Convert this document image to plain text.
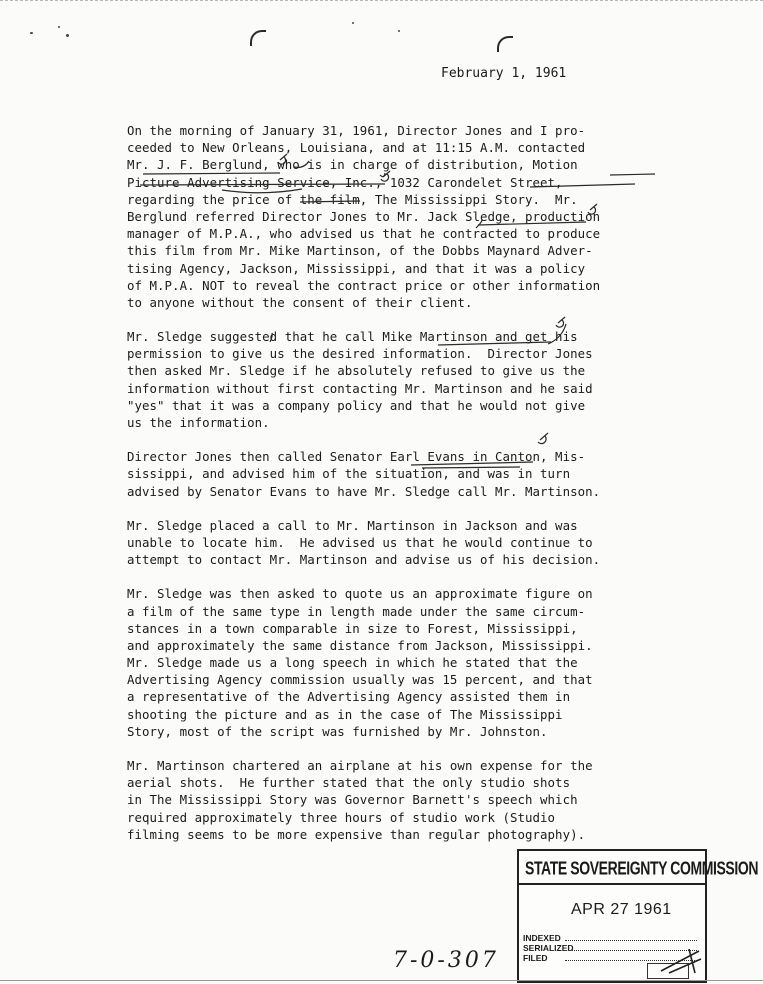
February 1, 1961
On the morning of January 31, 1961, Director Jones and I pro-
ceeded to New Orleans, Louisiana, and at 11:15 A.M. contacted
Mr. J. F. Berglund, who is in charge of distribution, Motion
Picture Advertising Service, Inc., 1032 Carondelet Street,
regarding the price of the film, The Mississippi Story.  Mr.
Berglund referred Director Jones to Mr. Jack Sledge, production
manager of M.P.A., who advised us that he contracted to produce
this film from Mr. Mike Martinson, of the Dobbs Maynard Adver-
tising Agency, Jackson, Mississippi, and that it was a policy
of M.P.A. NOT to reveal the contract price or other information
to anyone without the consent of their client.
Mr. Sledge suggested that he call Mike Martinson and get his
permission to give us the desired information.  Director Jones
then asked Mr. Sledge if he absolutely refused to give us the
information without first contacting Mr. Martinson and he said
"yes" that it was a company policy and that he would not give
us the information.
Director Jones then called Senator Earl Evans in Canton, Mis-
sissippi, and advised him of the situation, and was in turn
advised by Senator Evans to have Mr. Sledge call Mr. Martinson.
Mr. Sledge placed a call to Mr. Martinson in Jackson and was
unable to locate him.  He advised us that he would continue to
attempt to contact Mr. Martinson and advise us of his decision.
Mr. Sledge was then asked to quote us an approximate figure on
a film of the same type in length made under the same circum-
stances in a town comparable in size to Forest, Mississippi,
and approximately the same distance from Jackson, Mississippi.
Mr. Sledge made us a long speech in which he stated that the
Advertising Agency commission usually was 15 percent, and that
a representative of the Advertising Agency assisted them in
shooting the picture and as in the case of The Mississippi
Story, most of the script was furnished by Mr. Johnston.
Mr. Martinson chartered an airplane at his own expense for the
aerial shots.  He further stated that the only studio shots
in The Mississippi Story was Governor Barnett's speech which
required approximately three hours of studio work (Studio
filming seems to be more expensive than regular photography).
STATE SOVEREIGNTY COMMISSION
APR 27 1961
INDEXED
SERIALIZED
FILED
7-0-307
